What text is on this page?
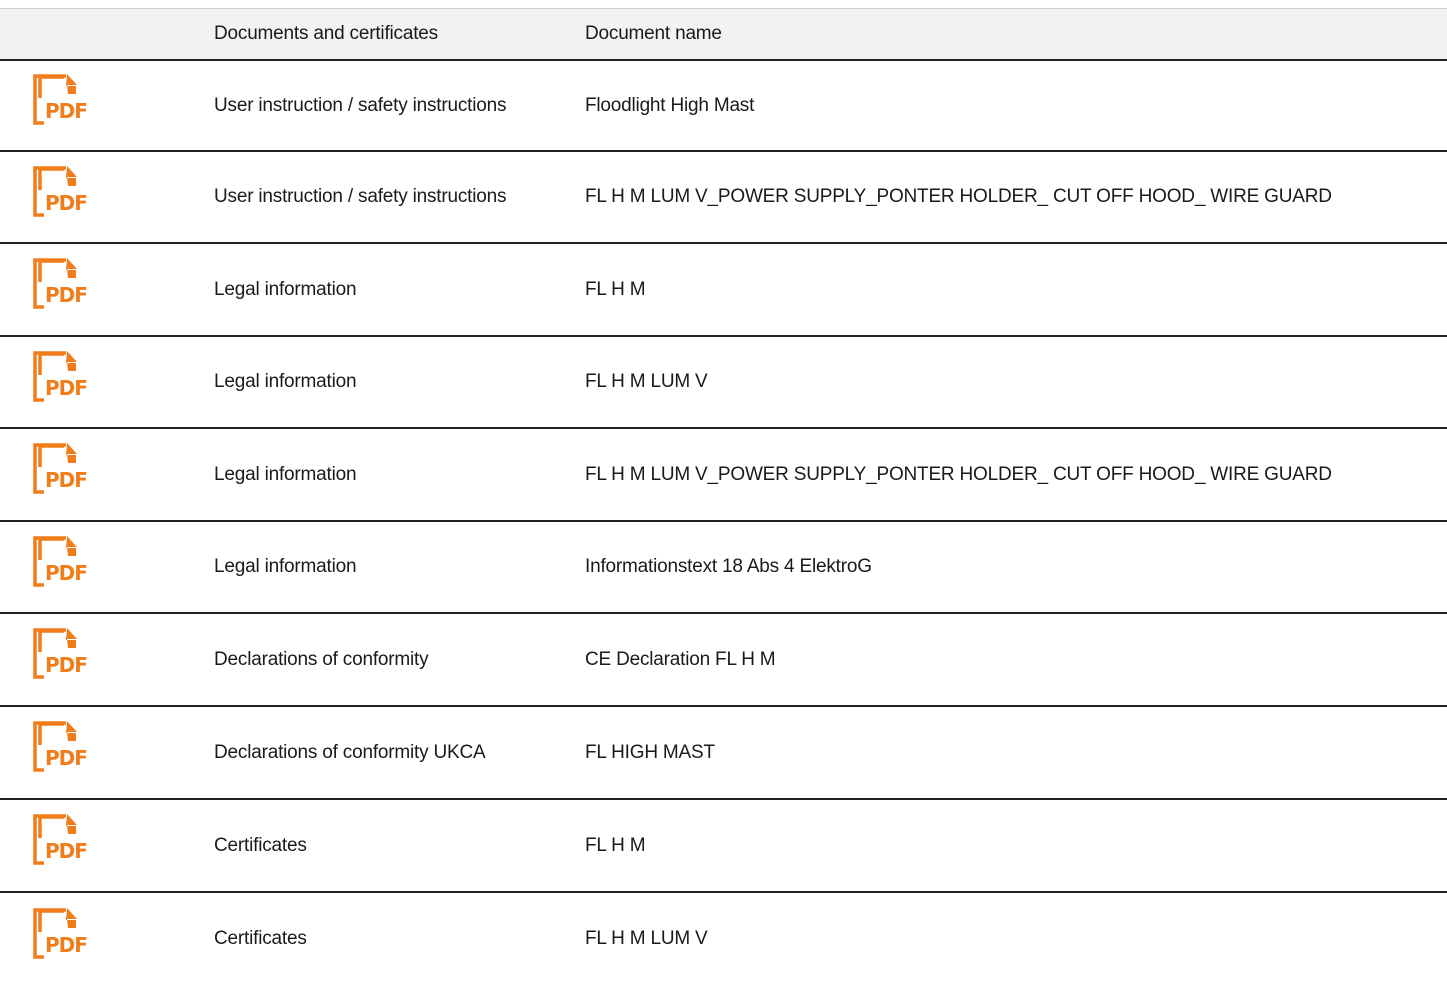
	Documents and certificates	Document name

PDF	User instruction / safety instructions	Floodlight High Mast

PDF	User instruction / safety instructions	FL H M LUM V_POWER SUPPLY_PONTER HOLDER_ CUT OFF HOOD_ WIRE GUARD

PDF	Legal information	FL H M

PDF	Legal information	FL H M LUM V

PDF	Legal information	FL H M LUM V_POWER SUPPLY_PONTER HOLDER_ CUT OFF HOOD_ WIRE GUARD

PDF	Legal information	Informationstext 18 Abs 4 ElektroG

PDF	Declarations of conformity	CE Declaration FL H M

PDF	Declarations of conformity UKCA	FL HIGH MAST

PDF	Certificates	FL H M

PDF	Certificates	FL H M LUM V
